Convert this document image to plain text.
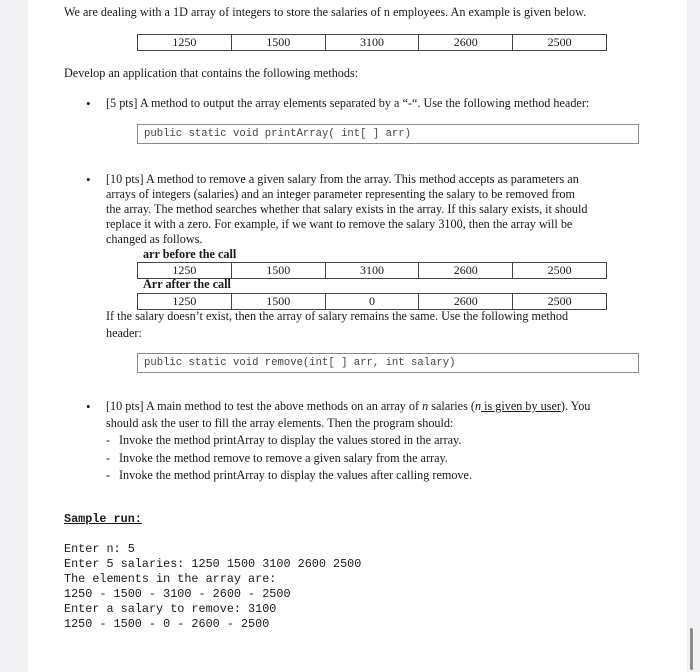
We are dealing with a 1D array of integers to store the salaries of n employees. An example is given below.

1250	1500	3100	2600	2500

Develop an application that contains the following methods:

• [5 pts] A method to output the array elements separated by a “-“. Use the following method header:

public static void printArray( int[ ] arr)
• [10 pts] A method to remove a given salary from the array. This method accepts as parameters an

arrays of integers (salaries) and an integer parameter representing the salary to be removed from

the array. The method searches whether that salary exists in the array. If this salary exists, it should

replace it with a zero. For example, if we want to remove the salary 3100, then the array will be

changed as follows.

arr before the call

1250	1500	3100	2600	2500

Arr after the call

1250	1500	0	2600	2500

If the salary doesn’t exist, then the array of salary remains the same. Use the following method

header:

public static void remove(int[ ] arr, int salary)
• [10 pts] A main method to test the above methods on an array of n salaries (n is given by user). You

should ask the user to fill the array elements. Then the program should:

- Invoke the method printArray to display the values stored in the array.

- Invoke the method remove to remove a given salary from the array.

- Invoke the method printArray to display the values after calling remove.

Sample run:

Enter n: 5

Enter 5 salaries: 1250 1500 3100 2600 2500

The elements in the array are:

1250 - 1500 - 3100 - 2600 - 2500

Enter a salary to remove: 3100

1250 - 1500 - 0 - 2600 - 2500
